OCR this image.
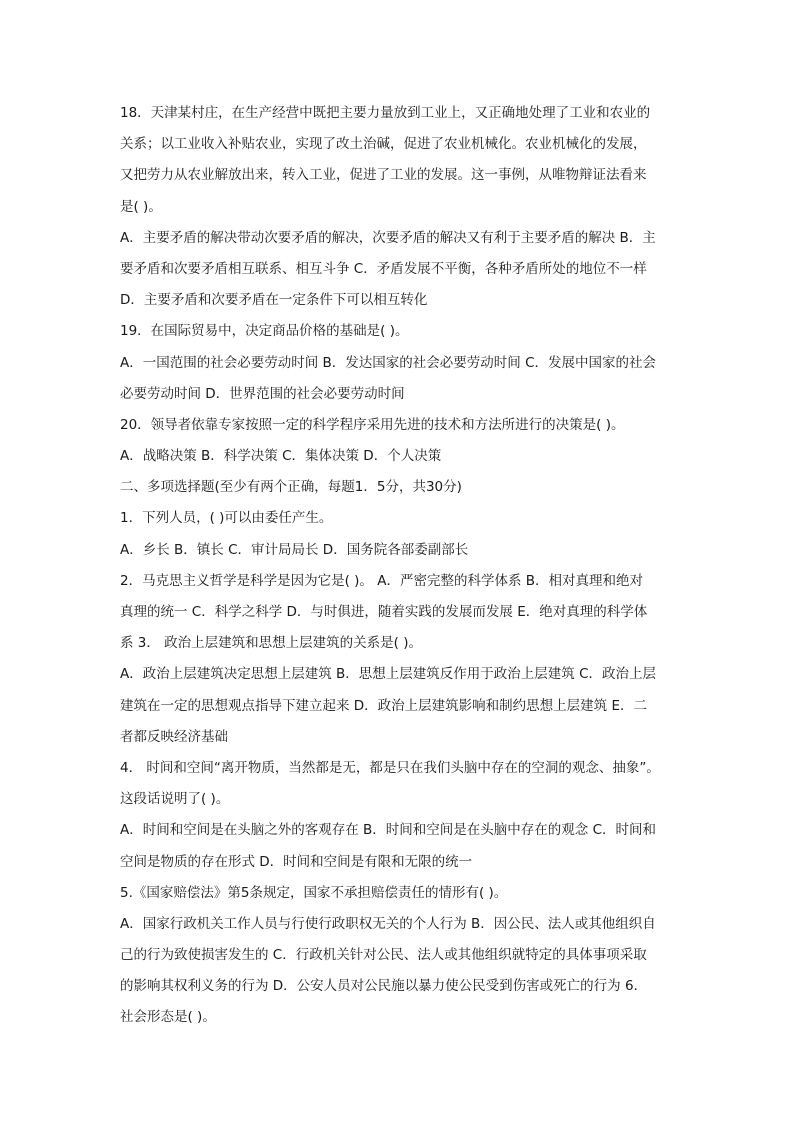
18．天津某村庄，在生产经营中既把主要力量放到工业上，又正确地处理了工业和农业的
关系；以工业收入补贴农业，实现了改土治碱，促进了农业机械化。农业机械化的发展，
又把劳力从农业解放出来，转入工业，促进了工业的发展。这一事例，从唯物辩证法看来
是( )。
A．主要矛盾的解决带动次要矛盾的解决，次要矛盾的解决又有利于主要矛盾的解决 B．主
要矛盾和次要矛盾相互联系、相互斗争 C．矛盾发展不平衡，各种矛盾所处的地位不一样
D．主要矛盾和次要矛盾在一定条件下可以相互转化
19．在国际贸易中，决定商品价格的基础是( )。
A．一国范围的社会必要劳动时间 B．发达国家的社会必要劳动时间 C．发展中国家的社会
必要劳动时间 D．世界范围的社会必要劳动时间
20．领导者依靠专家按照一定的科学程序采用先进的技术和方法所进行的决策是( )。
A．战略决策 B．科学决策 C．集体决策 D．个人决策
二、多项选择题(至少有两个正确，每题1．5分，共30分)
1．下列人员，( )可以由委任产生。
A．乡长 B．镇长 C．审计局局长 D．国务院各部委副部长
2．马克思主义哲学是科学是因为它是( )。 A．严密完整的科学体系 B．相对真理和绝对
真理的统一 C．科学之科学 D．与时俱进，随着实践的发展而发展 E．绝对真理的科学体
系 3． 政治上层建筑和思想上层建筑的关系是( )。
A．政治上层建筑决定思想上层建筑 B．思想上层建筑反作用于政治上层建筑 C．政治上层
建筑在一定的思想观点指导下建立起来 D．政治上层建筑影响和制约思想上层建筑 E．二
者都反映经济基础
4． 时间和空间“离开物质，当然都是无，都是只在我们头脑中存在的空洞的观念、抽象”。
这段话说明了( )。
A．时间和空间是在头脑之外的客观存在 B．时间和空间是在头脑中存在的观念 C．时间和
空间是物质的存在形式 D．时间和空间是有限和无限的统一
5.《国家赔偿法》第5条规定，国家不承担赔偿责任的情形有( )。
A．国家行政机关工作人员与行使行政职权无关的个人行为 B．因公民、法人或其他组织自
己的行为致使损害发生的 C．行政机关针对公民、法人或其他组织就特定的具体事项采取
的影响其权利义务的行为 D．公安人员对公民施以暴力使公民受到伤害或死亡的行为 6．
社会形态是( )。
